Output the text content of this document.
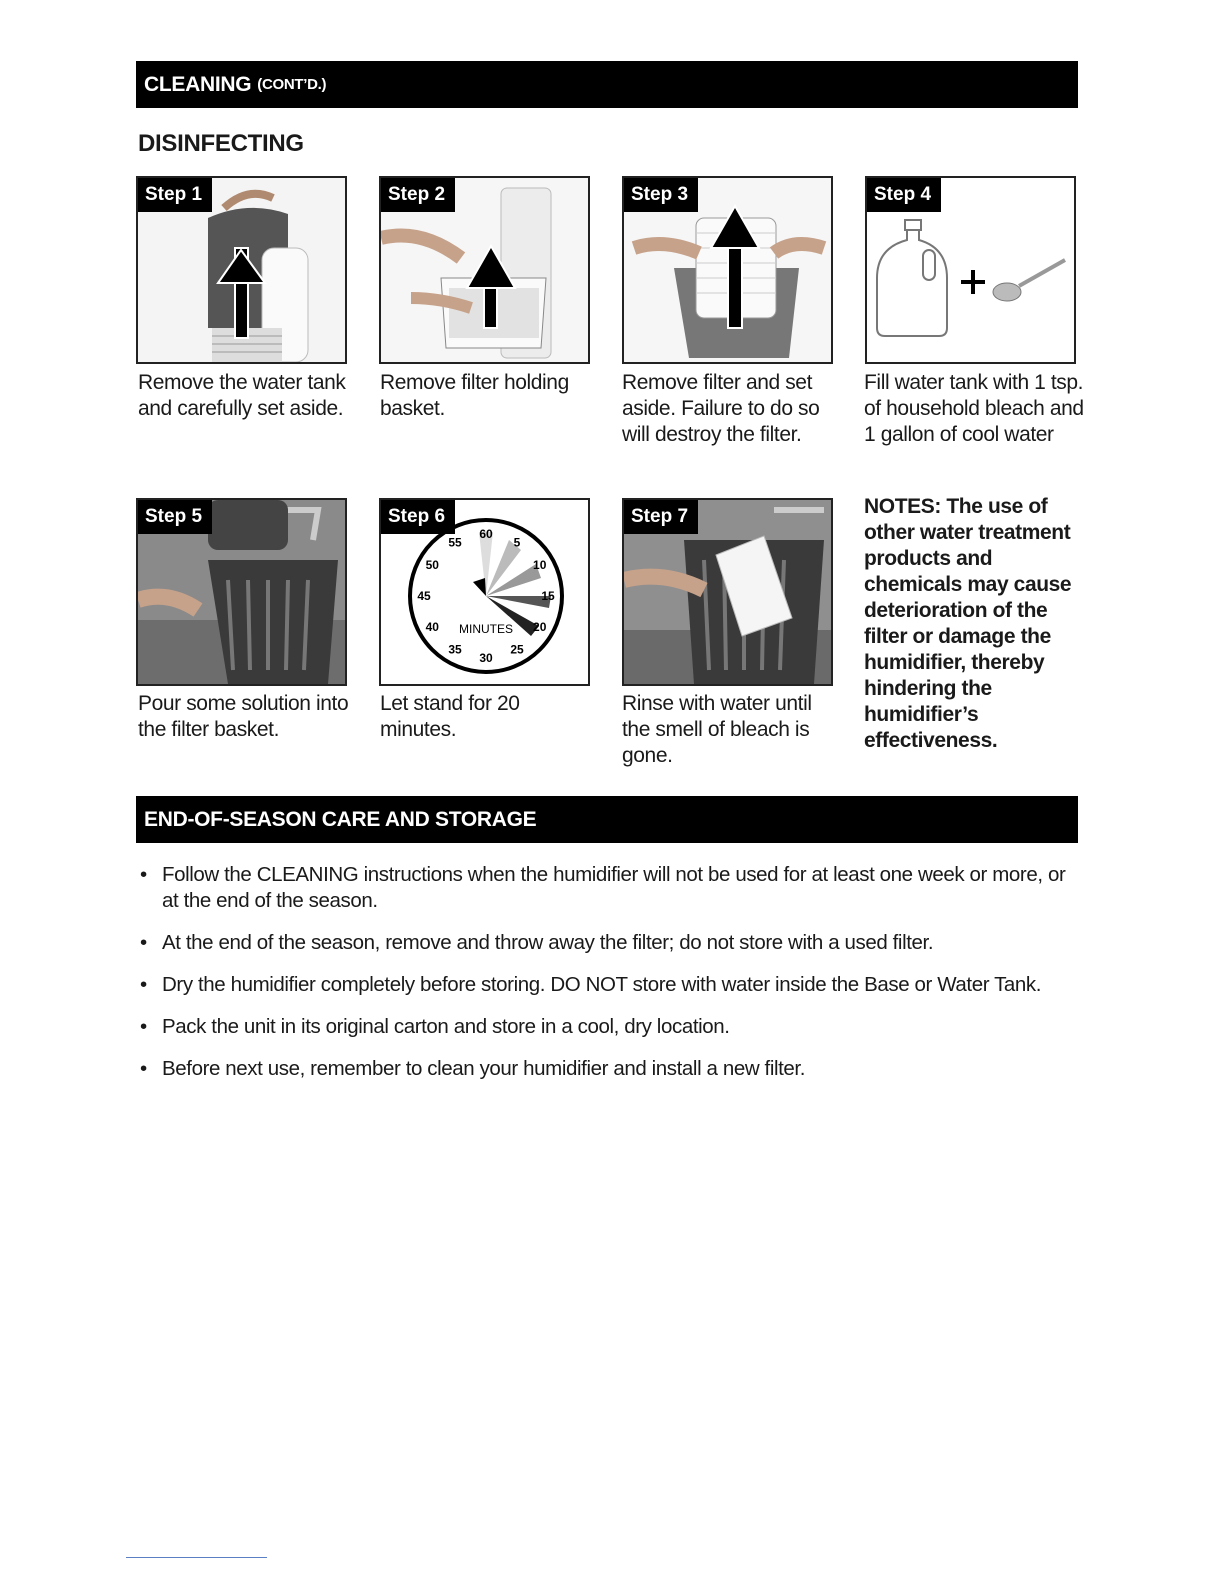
CLEANING (CONT’D.)
DISINFECTING
Step 1
Remove the water tank and carefully set aside.
Step 2
Remove filter holding basket.
Step 3
Remove filter and set aside. Failure to do so will destroy the filter.
Step 4
Fill water tank with 1 tsp. of household bleach and 1 gallon of cool water
Step 5
Pour some solution into the filter basket.
Step 6
MINUTES
60
5
10
15
20
25
30
35
40
45
50
55
Let stand for 20 minutes.
Step 7
Rinse with water until the smell of bleach is gone.
NOTES: The use of other water treatment products and chemicals may cause deterioration of the filter or damage the humidifier, thereby hindering the humidifier’s effectiveness.
END-OF-SEASON CARE AND STORAGE
• Follow the CLEANING instructions when the humidifier will not be used for at least one week or more, or at the end of the season.
• At the end of the season, remove and throw away the filter; do not store with a used filter.
• Dry the humidifier completely before storing. DO NOT store with water inside the Base or Water Tank.
• Pack the unit in its original carton and store in a cool, dry location.
• Before next use, remember to clean your humidifier and install a new filter.
